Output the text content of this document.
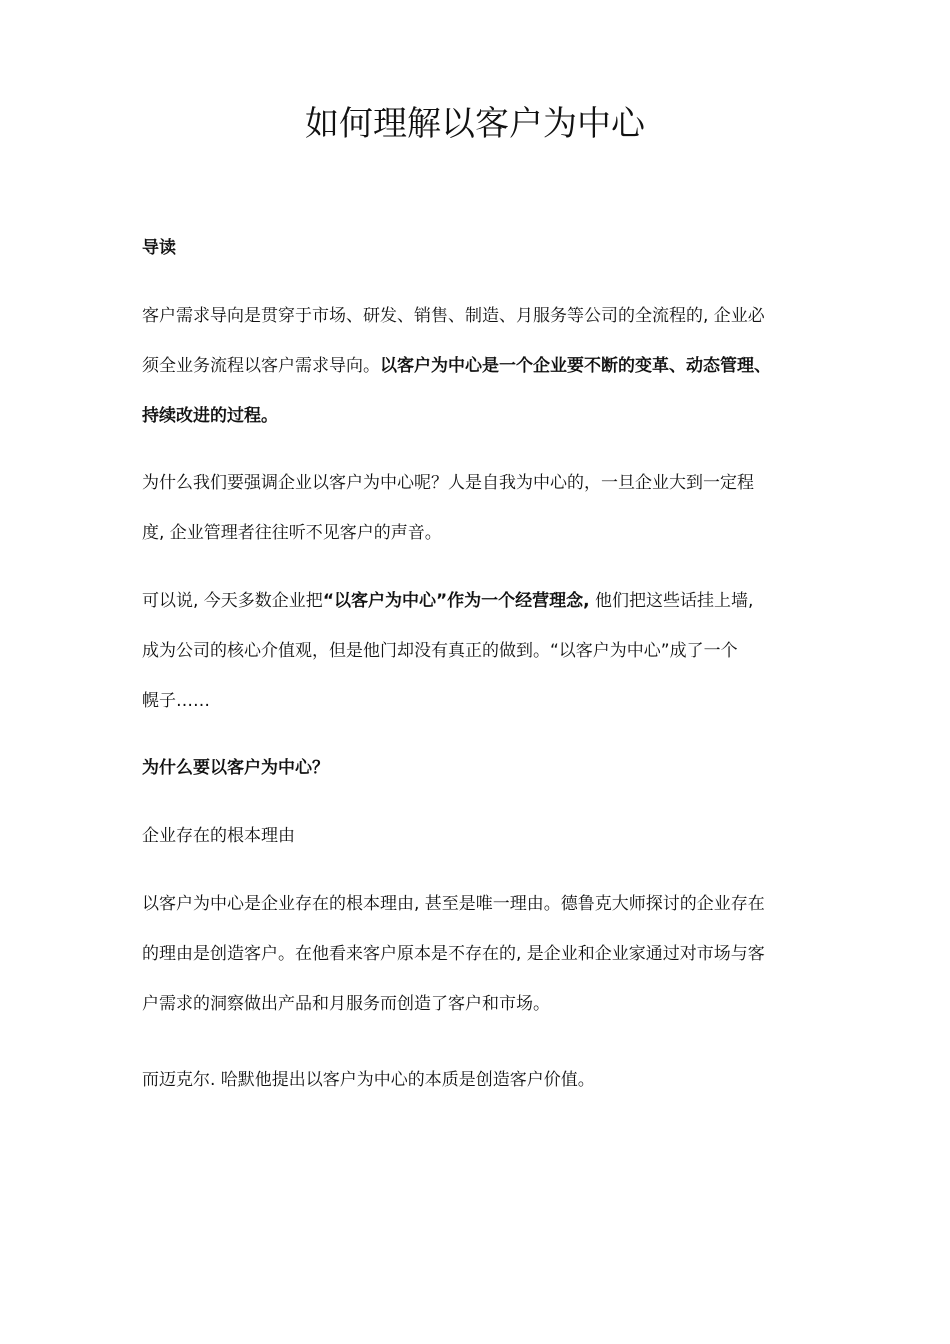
如何理解以客户为中心

导读

客户需求导向是贯穿于市场、研发、销售、制造、月服务等公司的全流程的, 企业必
须全业务流程以客户需求导向。以客户为中心是一个企业要不断的变革、动态管理、
持续改进的过程。

为什么我们要强调企业以客户为中心呢？人是自我为中心的，一旦企业大到一定程
度, 企业管理者往往听不见客户的声音。

可以说, 今天多数企业把“以客户为中心”作为一个经营理念, 他们把这些话挂上墙,
成为公司的核心介值观，但是他门却没有真正的做到。“以客户为中心”成了一个
幌子……

为什么要以客户为中心？

企业存在的根本理由

以客户为中心是企业存在的根本理由, 甚至是唯一理由。德鲁克大师探讨的企业存在
的理由是创造客户。在他看来客户原本是不存在的, 是企业和企业家通过对市场与客
户需求的洞察做出产品和月服务而创造了客户和市场。

而迈克尔. 哈默他提出以客户为中心的本质是创造客户价值。
